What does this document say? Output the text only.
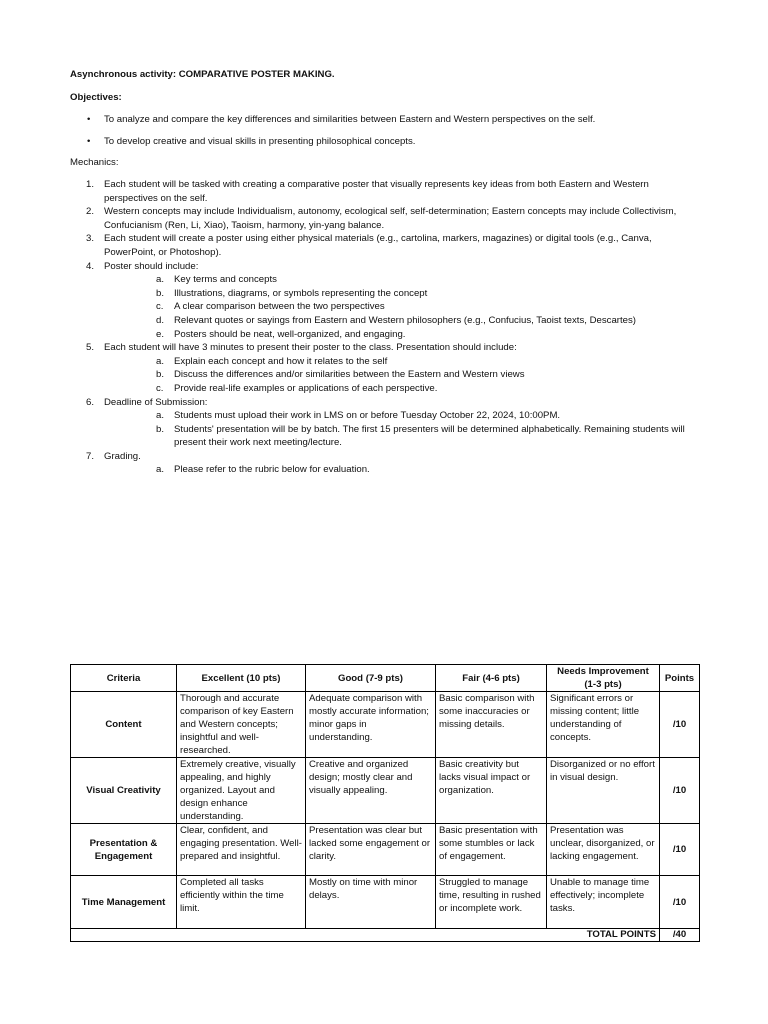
Asynchronous activity: COMPARATIVE POSTER MAKING.
Objectives:
• To analyze and compare the key differences and similarities between Eastern and Western perspectives on the self.
• To develop creative and visual skills in presenting philosophical concepts.
Mechanics:
1. Each student will be tasked with creating a comparative poster that visually represents key ideas from both Eastern and Western perspectives on the self.
2. Western concepts may include Individualism, autonomy, ecological self, self-determination; Eastern concepts may include Collectivism, Confucianism (Ren, Li, Xiao), Taoism, harmony, yin-yang balance.
3. Each student will create a poster using either physical materials (e.g., cartolina, markers, magazines) or digital tools (e.g., Canva, PowerPoint, or Photoshop).
4. Poster should include:
a. Key terms and concepts
b. Illustrations, diagrams, or symbols representing the concept
c. A clear comparison between the two perspectives
d. Relevant quotes or sayings from Eastern and Western philosophers (e.g., Confucius, Taoist texts, Descartes)
e. Posters should be neat, well-organized, and engaging.
5. Each student will have 3 minutes to present their poster to the class. Presentation should include:
a. Explain each concept and how it relates to the self
b. Discuss the differences and/or similarities between the Eastern and Western views
c. Provide real-life examples or applications of each perspective.
6. Deadline of Submission:
a. Students must upload their work in LMS on or before Tuesday October 22, 2024, 10:00PM.
b. Students' presentation will be by batch. The first 15 presenters will be determined alphabetically. Remaining students will present their work next meeting/lecture.
7. Grading.
a. Please refer to the rubric below for evaluation.
Criteria	Excellent (10 pts)	Good (7-9 pts)	Fair (4-6 pts)	Needs Improvement (1-3 pts)	Points
Content	Thorough and accurate comparison of key Eastern and Western concepts; insightful and well-researched.	Adequate comparison with mostly accurate information; minor gaps in understanding.	Basic comparison with some inaccuracies or missing details.	Significant errors or missing content; little understanding of concepts.	/10
Visual Creativity	Extremely creative, visually appealing, and highly organized. Layout and design enhance understanding.	Creative and organized design; mostly clear and visually appealing.	Basic creativity but lacks visual impact or organization.	Disorganized or no effort in visual design.	/10
Presentation & Engagement	Clear, confident, and engaging presentation. Well-prepared and insightful.	Presentation was clear but lacked some engagement or clarity.	Basic presentation with some stumbles or lack of engagement.	Presentation was unclear, disorganized, or lacking engagement.	/10
Time Management	Completed all tasks efficiently within the time limit.	Mostly on time with minor delays.	Struggled to manage time, resulting in rushed or incomplete work.	Unable to manage time effectively; incomplete tasks.	/10
TOTAL POINTS					/40
